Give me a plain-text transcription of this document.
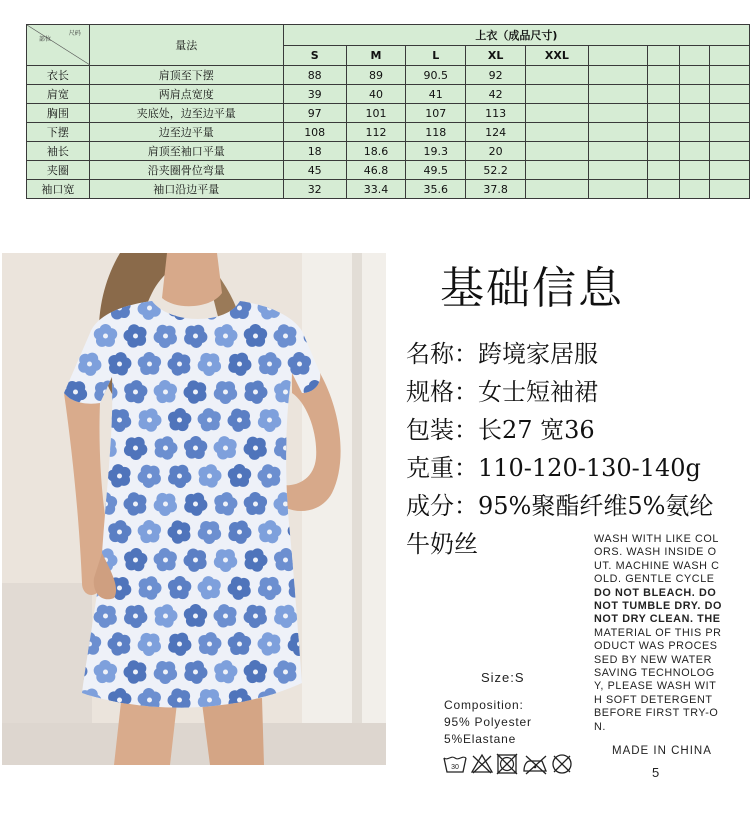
部位
尺码	量法	上衣（成品尺寸)								
		S	M	L	XL	XXL				
衣长	肩顶至下摆	88	89	90.5	92					
肩宽	两肩点宽度	39	40	41	42					
胸围	夹底处，边至边平量	97	101	107	113					
下摆	边至边平量	108	112	118	124					
袖长	肩顶至袖口平量	18	18.6	19.3	20					
夹圈	沿夹圈骨位弯量	45	46.8	49.5	52.2					
袖口宽	袖口沿边平量	32	33.4	35.6	37.8					
基础信息
名称：跨境家居服
规格：女士短袖裙
包装：长27 宽36
克重：110-120-130-140g
成分：95%聚酯纤维5%氨纶
牛奶丝	WASH WITH LIKE COL
ORS. WASH INSIDE O
UT. MACHINE WASH C
OLD. GENTLE CYCLE
DO NOT BLEACH. DO
NOT TUMBLE DRY. DO
NOT DRY CLEAN. THE
MATERIAL OF THIS PR
ODUCT WAS PROCES
SED BY NEW WATER
SAVING TECHNOLOG
Y, PLEASE WASH WIT
H SOFT DETERGENT
BEFORE FIRST TRY-O
N.
Size:S
Composition:
95% Polyester
5%Elastane
30
MADE IN CHINA
5
